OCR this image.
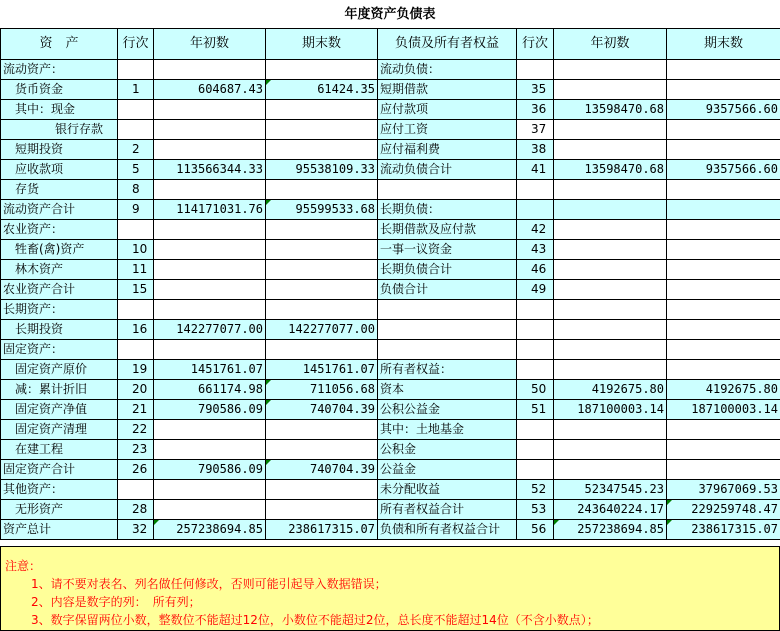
年度资产负债表
资　产	行次	年初数	期末数	负债及所有者权益	行次	年初数	期末数
流动资产：				流动负债：			
货币资金	1	604687.43	61424.35	短期借款	35		
其中：现金				应付款项	36	13598470.68	9357566.60
银行存款				应付工资	37		
短期投资	2			应付福利费	38		
应收款项	5	113566344.33	95538109.33	流动负债合计	41	13598470.68	9357566.60
存货	8						
流动资产合计	9	114171031.76	95599533.68	长期负债：			
农业资产：				长期借款及应付款	42		
牲畜(禽)资产	10			一事一议资金	43		
林木资产	11			长期负债合计	46		
农业资产合计	15			负债合计	49		
长期资产：							
长期投资	16	142277077.00	142277077.00				
固定资产：							
固定资产原价	19	1451761.07	1451761.07	所有者权益：			
减：累计折旧	20	661174.98	711056.68	资本	50	4192675.80	4192675.80
固定资产净值	21	790586.09	740704.39	公积公益金	51	187100003.14	187100003.14
固定资产清理	22			其中：土地基金			
在建工程	23			公积金			
固定资产合计	26	790586.09	740704.39	公益金			
其他资产：				未分配收益	52	52347545.23	37967069.53
无形资产	28			所有者权益合计	53	243640224.17	229259748.47
资产总计	32	257238694.85	238617315.07	负债和所有者权益合计	56	257238694.85	238617315.07
注意：
1、请不要对表名、列名做任何修改，否则可能引起导入数据错误；
2、内容是数字的列：　所有列；
3、数字保留两位小数，整数位不能超过12位，小数位不能超过2位，总长度不能超过14位（不含小数点）；
